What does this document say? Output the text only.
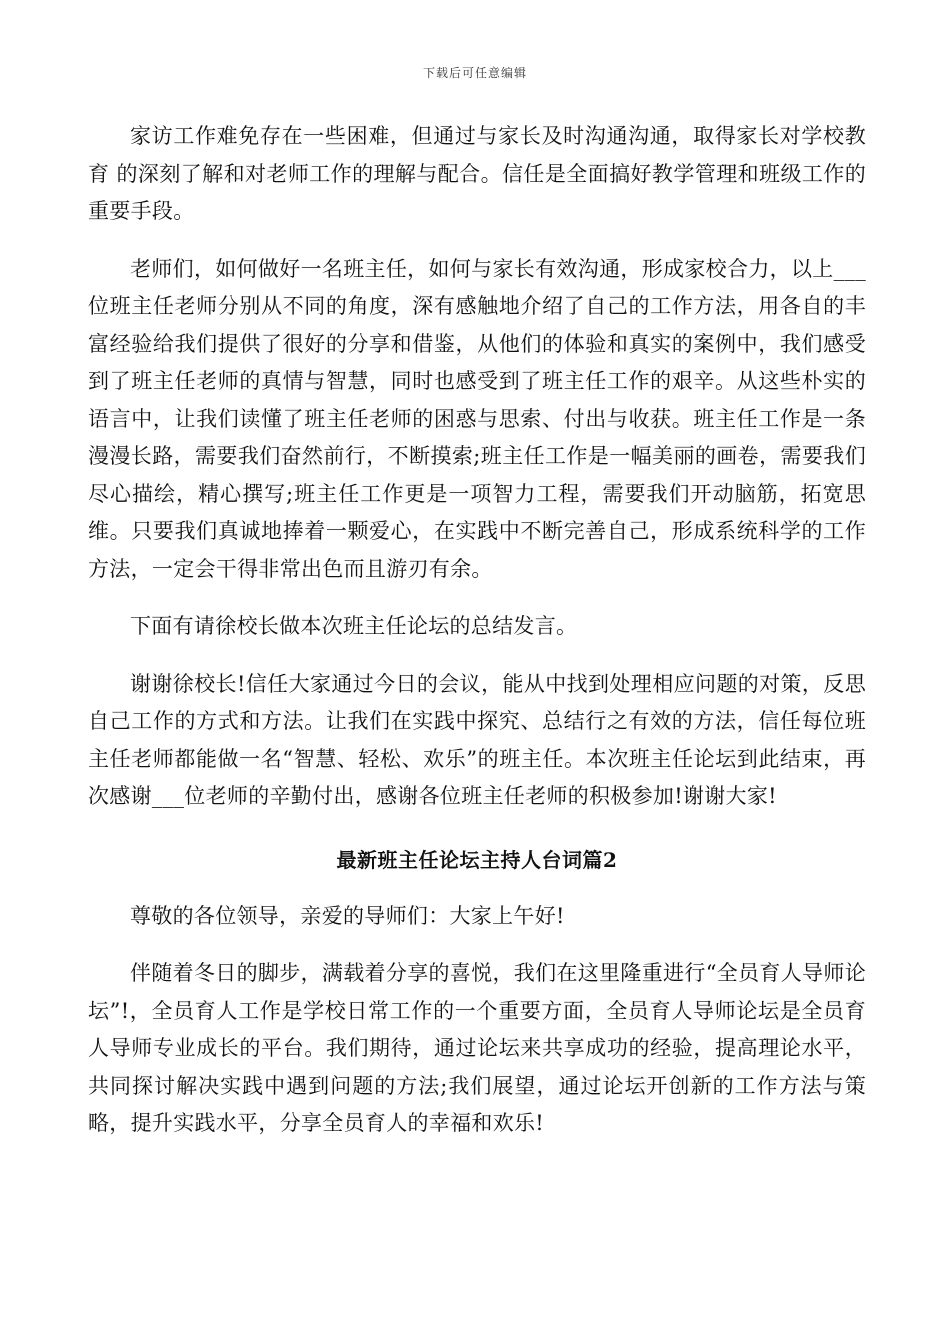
下载后可任意编辑

家访工作难免存在一些困难，但通过与家长及时沟通沟通，取得家长对学校教育 的深刻了解和对老师工作的理解与配合。信任是全面搞好教学管理和班级工作的重要手段。

老师们，如何做好一名班主任，如何与家长有效沟通，形成家校合力，以上___位班主任老师分别从不同的角度，深有感触地介绍了自己的工作方法，用各自的丰富经验给我们提供了很好的分享和借鉴，从他们的体验和真实的案例中，我们感受到了班主任老师的真情与智慧，同时也感受到了班主任工作的艰辛。从这些朴实的语言中，让我们读懂了班主任老师的困惑与思索、付出与收获。班主任工作是一条漫漫长路，需要我们奋然前行，不断摸索;班主任工作是一幅美丽的画卷，需要我们尽心描绘，精心撰写;班主任工作更是一项智力工程，需要我们开动脑筋，拓宽思维。只要我们真诚地捧着一颗爱心，在实践中不断完善自己，形成系统科学的工作方法，一定会干得非常出色而且游刃有余。

下面有请徐校长做本次班主任论坛的总结发言。

谢谢徐校长!信任大家通过今日的会议，能从中找到处理相应问题的对策，反思自己工作的方式和方法。让我们在实践中探究、总结行之有效的方法，信任每位班主任老师都能做一名“智慧、轻松、欢乐”的班主任。本次班主任论坛到此结束，再次感谢___位老师的辛勤付出，感谢各位班主任老师的积极参加!谢谢大家!

最新班主任论坛主持人台词篇2

尊敬的各位领导，亲爱的导师们：大家上午好!

伴随着冬日的脚步，满载着分享的喜悦，我们在这里隆重进行“全员育人导师论坛”!，全员育人工作是学校日常工作的一个重要方面，全员育人导师论坛是全员育人导师专业成长的平台。我们期待，通过论坛来共享成功的经验，提高理论水平，共同探讨解决实践中遇到问题的方法;我们展望，通过论坛开创新的工作方法与策略，提升实践水平，分享全员育人的幸福和欢乐!
